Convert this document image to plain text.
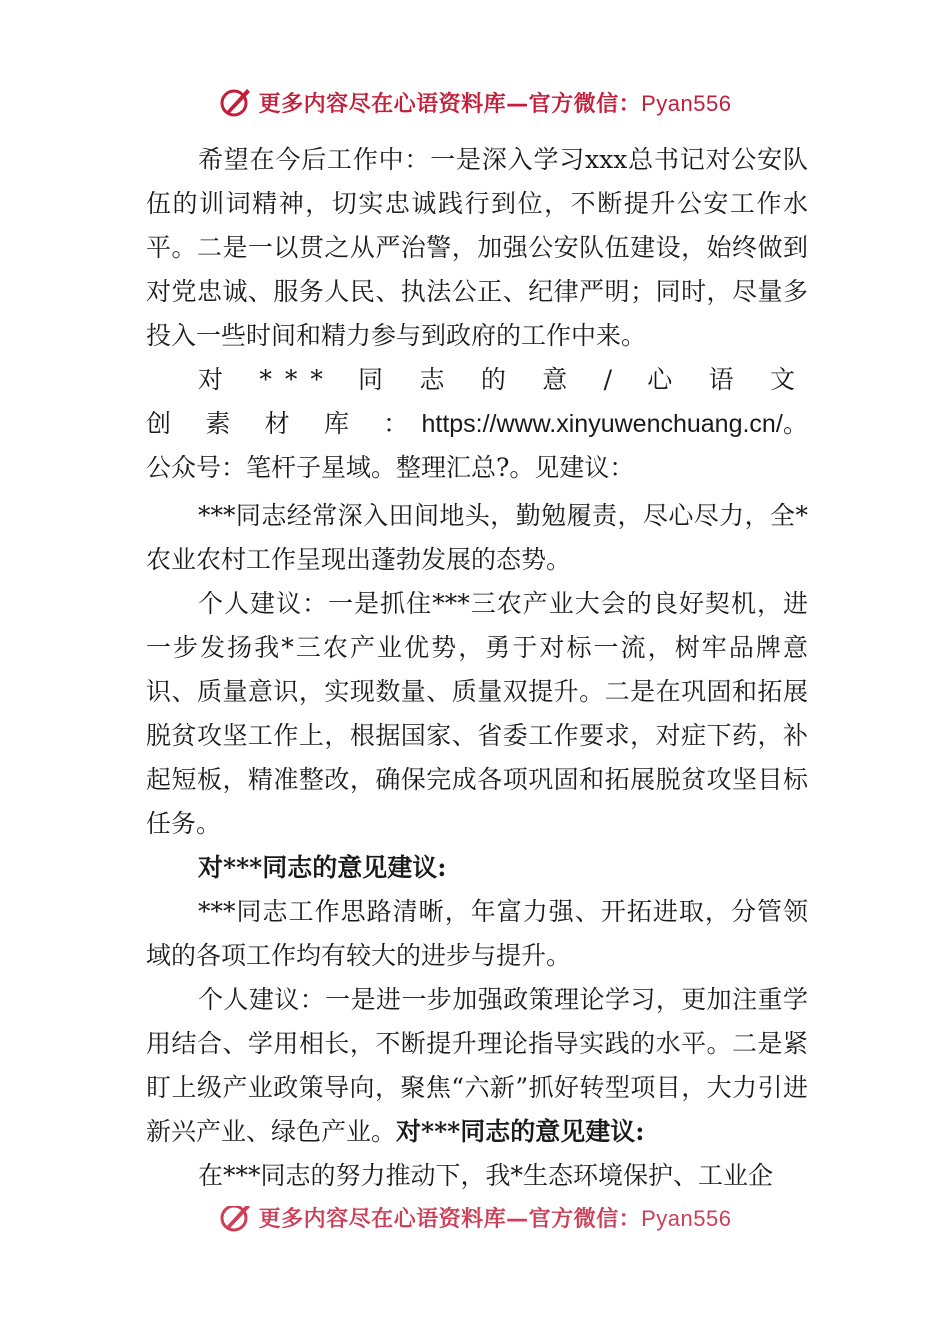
更多内容尽在心语资料库—官方微信：Pyan556

希望在今后工作中：一是深入学习xxx总书记对公安队伍的训词精神，切实忠诚践行到位，不断提升公安工作水平。二是一以贯之从严治警，加强公安队伍建设，始终做到对党忠诚、服务人民、执法公正、纪律严明；同时，尽量多投入一些时间和精力参与到政府的工作中来。

对 *** 同 志 的 意 / 心 语 文 创 素 材 库 ：https://www.xinyuwenchuang.cn/。公众号：笔杆子星域。整理汇总?。见建议：

***同志经常深入田间地头，勤勉履责，尽心尽力，全*农业农村工作呈现出蓬勃发展的态势。

个人建议：一是抓住***三农产业大会的良好契机，进一步发扬我*三农产业优势，勇于对标一流，树牢品牌意识、质量意识，实现数量、质量双提升。二是在巩固和拓展脱贫攻坚工作上，根据国家、省委工作要求，对症下药，补起短板，精准整改，确保完成各项巩固和拓展脱贫攻坚目标任务。

对***同志的意见建议:

***同志工作思路清晰，年富力强、开拓进取，分管领域的各项工作均有较大的进步与提升。

个人建议：一是进一步加强政策理论学习，更加注重学用结合、学用相长，不断提升理论指导实践的水平。二是紧盯上级产业政策导向，聚焦“六新”抓好转型项目，大力引进新兴产业、绿色产业。对***同志的意见建议:

在***同志的努力推动下，我*生态环境保护、工业企

更多内容尽在心语资料库—官方微信：Pyan556
